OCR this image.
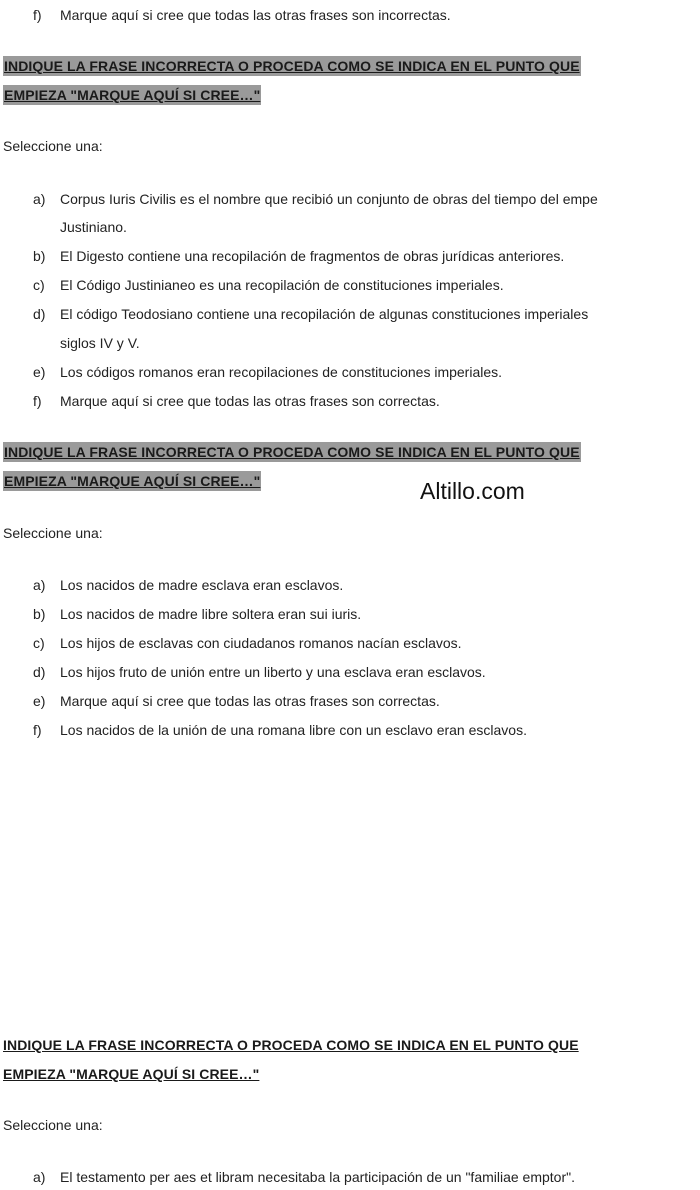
f) Marque aquí si cree que todas las otras frases son incorrectas.
INDIQUE LA FRASE INCORRECTA O PROCEDA COMO SE INDICA EN EL PUNTO QUE
EMPIEZA "MARQUE AQUÍ SI CREE…"
Seleccione una:
a) Corpus Iuris Civilis es el nombre que recibió un conjunto de obras del tiempo del empe
Justiniano.
b) El Digesto contiene una recopilación de fragmentos de obras jurídicas anteriores.
c) El Código Justinianeo es una recopilación de constituciones imperiales.
d) El código Teodosiano contiene una recopilación de algunas constituciones imperiales
siglos IV y V.
e) Los códigos romanos eran recopilaciones de constituciones imperiales.
f) Marque aquí si cree que todas las otras frases son correctas.
INDIQUE LA FRASE INCORRECTA O PROCEDA COMO SE INDICA EN EL PUNTO QUE
EMPIEZA "MARQUE AQUÍ SI CREE…"
Seleccione una:
a) Los nacidos de madre esclava eran esclavos.
b) Los nacidos de madre libre soltera eran sui iuris.
c) Los hijos de esclavas con ciudadanos romanos nacían esclavos.
d) Los hijos fruto de unión entre un liberto y una esclava eran esclavos.
e) Marque aquí si cree que todas las otras frases son correctas.
f) Los nacidos de la unión de una romana libre con un esclavo eran esclavos.
Altillo.com
INDIQUE LA FRASE INCORRECTA O PROCEDA COMO SE INDICA EN EL PUNTO QUE
EMPIEZA "MARQUE AQUÍ SI CREE…"
Seleccione una:
a) El testamento per aes et libram necesitaba la participación de un "familiae emptor".
